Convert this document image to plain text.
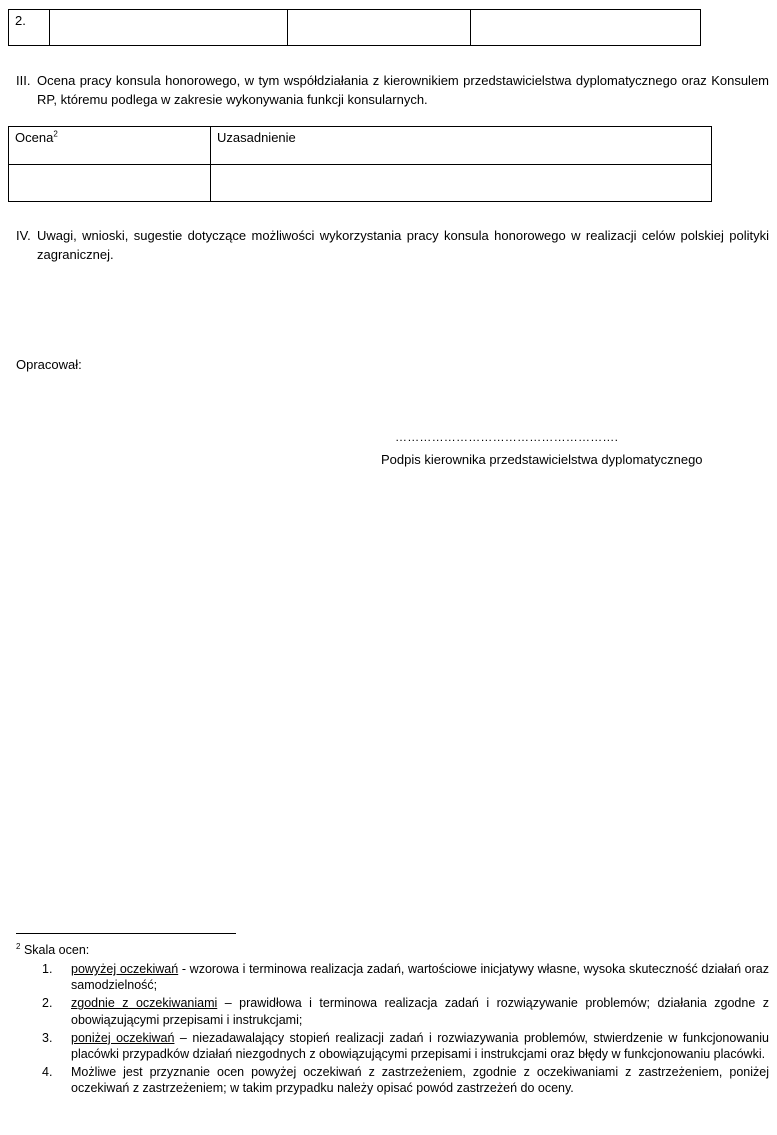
2.			
III. Ocena pracy konsula honorowego, w tym współdziałania z kierownikiem przedstawicielstwa dyplomatycznego oraz Konsulem RP, któremu podlega w zakresie wykonywania funkcji konsularnych.
Ocena$^2$	Uzasadnienie

IV. Uwagi, wnioski, sugestie dotyczące możliwości wykorzystania pracy konsula honorowego w realizacji celów polskiej polityki zagranicznej.
Opracował:
……………………………………………….
Podpis kierownika przedstawicielstwa dyplomatycznego
$^2$ Skala ocen:
1. powyżej oczekiwań - wzorowa i terminowa realizacja zadań, wartościowe inicjatywy własne, wysoka skuteczność działań oraz samodzielność;
2. zgodnie z oczekiwaniami – prawidłowa i terminowa realizacja zadań i rozwiązywanie problemów; działania zgodne z obowiązującymi przepisami i instrukcjami;
3. poniżej oczekiwań – niezadawalający stopień realizacji zadań i rozwiazywania problemów, stwierdzenie w funkcjonowaniu placówki przypadków działań niezgodnych z obowiązującymi przepisami i instrukcjami oraz błędy w funkcjonowaniu placówki.
4. Możliwe jest przyznanie ocen powyżej oczekiwań z zastrzeżeniem, zgodnie z oczekiwaniami z zastrzeżeniem, poniżej oczekiwań z zastrzeżeniem; w takim przypadku należy opisać powód zastrzeżeń do oceny.
